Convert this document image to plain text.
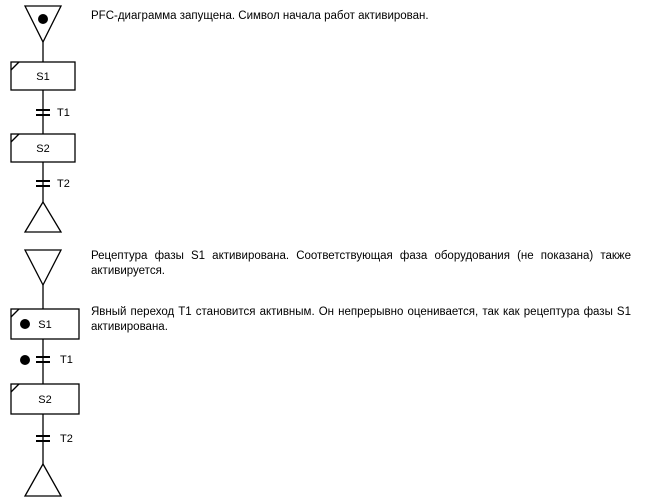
S1
S2
T1
T2
S1
S2
T1
T2
PFC-диаграмма запущена. Символ начала работ активирован.
Рецептура фазы S1 активирована. Соответствующая фаза оборудования (не показана) также активируется.
Явный переход T1 становится активным. Он непрерывно оценивается, так как рецептура фазы S1 активирована.
